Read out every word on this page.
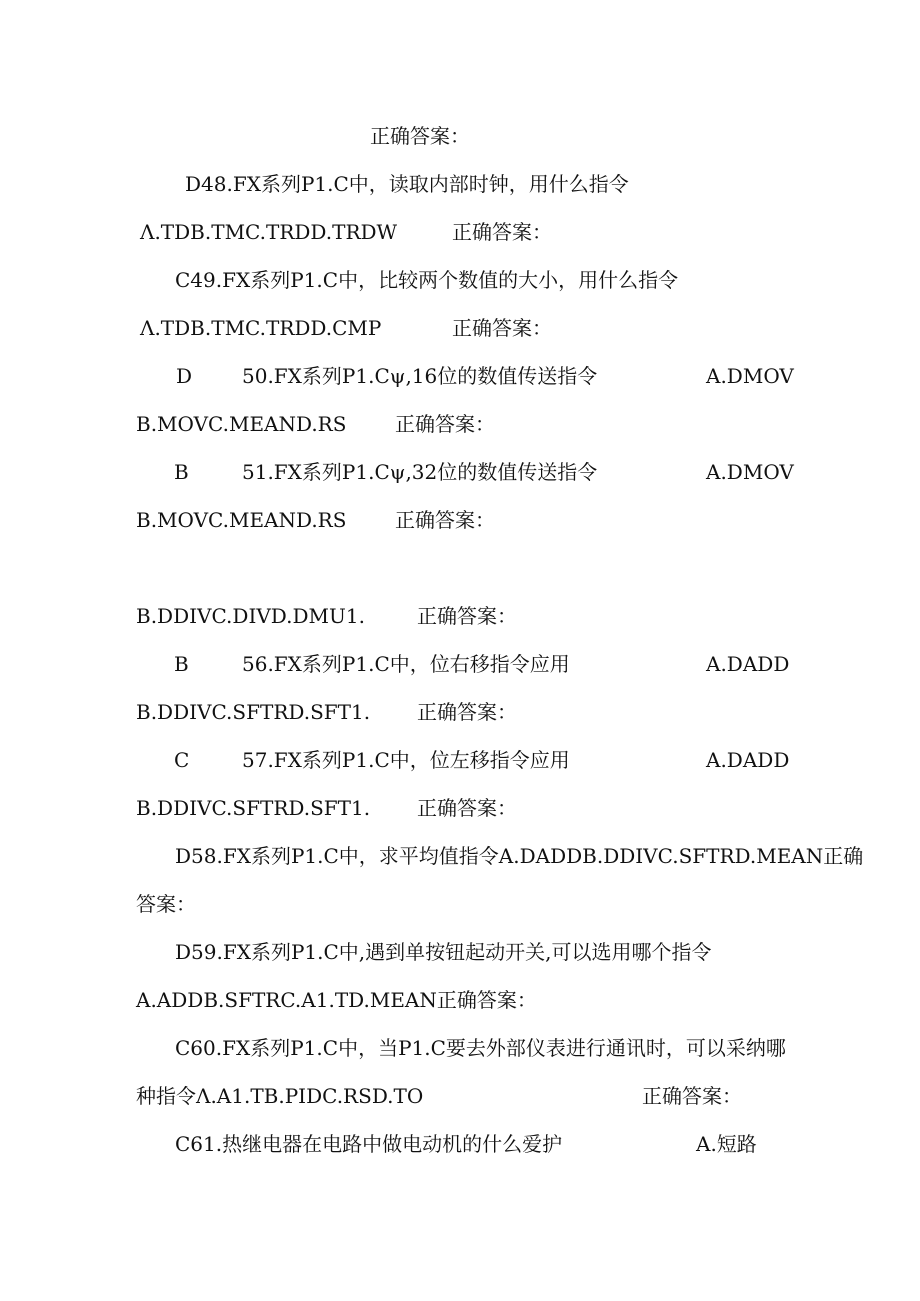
正确答案：
D48.FX系列P1.C中，读取内部时钟，用什么指令
Λ.TDB.TMC.TRDD.TRDW	正确答案：
C49.FX系列P1.C中，比较两个数值的大小，用什么指令
Λ.TDB.TMC.TRDD.CMP	正确答案：
D 50.FX系列P1.Cψ,16位的数值传送指令	A.DMOV
B.MOVC.MEAND.RS 正确答案：
B	51.FX系列P1.Cψ,32位的数值传送指令	A.DMOV
B.MOVC.MEAND.RS 正确答案：
B.DDIVC.DIVD.DMU1.	正确答案：
B	56.FX系列P1.C中，位右移指令应用	A.DADD
B.DDIVC.SFTRD.SFT1. 正确答案：
C	57.FX系列P1.C中，位左移指令应用	A.DADD
B.DDIVC.SFTRD.SFT1. 正确答案：
D58.FX系列P1.C中，求平均值指令A.DADDB.DDIVC.SFTRD.MEAN正确
答案：
D59.FX系列P1.C中,遇到单按钮起动开关,可以选用哪个指令
A.ADDB.SFTRC.A1.TD.MEAN正确答案：
C60.FX系列P1.C中，当P1.C要去外部仪表进行通讯时，可以采纳哪
种指令Λ.A1.TB.PIDC.RSD.TO	正确答案：
C61.热继电器在电路中做电动机的什么爱护	A.短路
